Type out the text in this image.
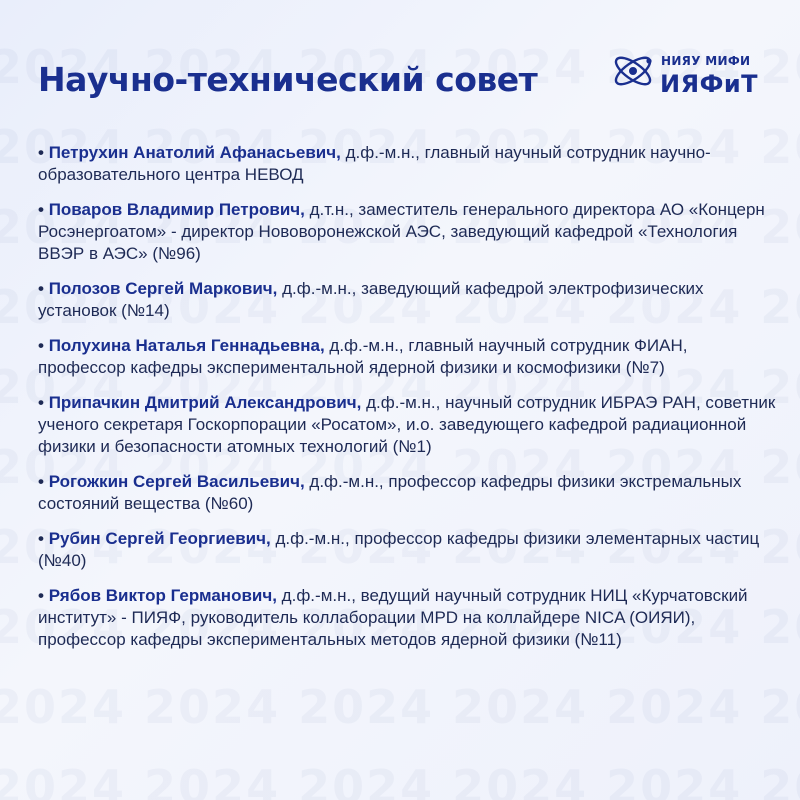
Научно-технический совет	НИЯУ МИФИ
ИЯФиТ
• Петрухин Анатолий Афанасьевич, д.ф.-м.н., главный научный сотрудник научно-образовательного центра НЕВОД
• Поваров Владимир Петрович, д.т.н., заместитель генерального директора АО «Концерн Росэнергоатом» - директор Нововоронежской АЭС, заведующий кафедрой «Технология ВВЭР в АЭС» (№96)
• Полозов Сергей Маркович, д.ф.-м.н., заведующий кафедрой электрофизических установок (№14)
• Полухина Наталья Геннадьевна, д.ф.-м.н., главный научный сотрудник ФИАН, профессор кафедры экспериментальной ядерной физики и космофизики (№7)
• Припачкин Дмитрий Александрович, д.ф.-м.н., научный сотрудник ИБРАЭ РАН, советник ученого секретаря Госкорпорации «Росатом», и.о. заведующего кафедрой радиационной физики и безопасности атомных технологий (№1)
• Рогожкин Сергей Васильевич, д.ф.-м.н., профессор кафедры физики экстремальных состояний вещества (№60)
• Рубин Сергей Георгиевич, д.ф.-м.н., профессор кафедры физики элементарных частиц (№40)
• Рябов Виктор Германович, д.ф.-м.н., ведущий научный сотрудник НИЦ «Курчатовский институт» - ПИЯФ, руководитель коллаборации MPD на коллайдере NICA (ОИЯИ), профессор кафедры экспериментальных методов ядерной физики (№11)
